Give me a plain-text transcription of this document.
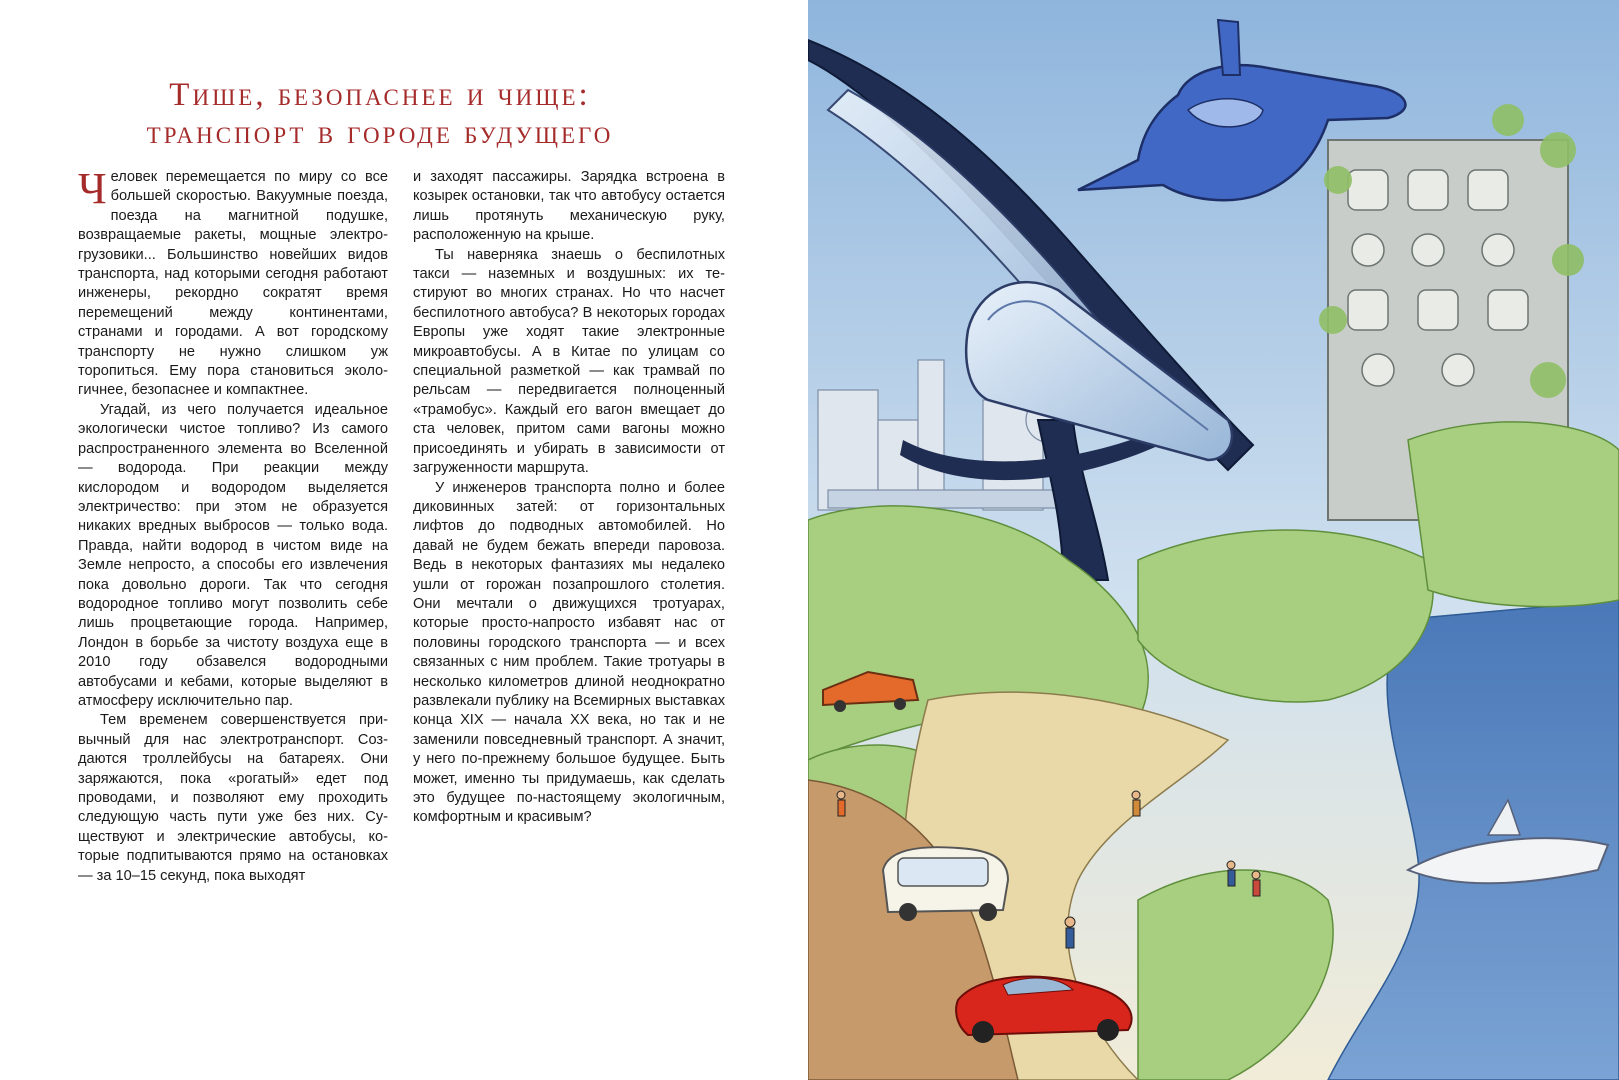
Тише, безопаснее и чище:
транспорт в городе будущего

Человек перемещается по миру со все большей скоростью. Вакуумные поезда, поезда на магнитной подушке, возвращаемые ракеты, мощные электрогрузовики... Большинство новейших видов транспорта, над которыми сегодня работают инженеры, рекордно сократят время перемещений между континентами, странами и городами. А вот городскому транспорту не нужно слишком уж торопиться. Ему пора становиться экологичнее, безопаснее и компактнее.

Угадай, из чего получается идеальное экологически чистое топливо? Из самого распространенного элемента во Вселенной — водорода. При реакции между кислородом и водородом выделяется электричество: при этом не образуется никаких вредных выбросов — только вода. Правда, найти водород в чистом виде на Земле непросто, а способы его извлечения пока довольно дороги. Так что сегодня водородное топливо могут позволить себе лишь процветающие города. Например, Лондон в борьбе за чистоту воздуха еще в 2010 году обзавелся водородными автобусами и кебами, которые выделяют в атмосферу исключительно пар.

Тем временем совершенствуется привычный для нас электротранспорт. Создаются троллейбусы на батареях. Они заряжаются, пока «рогатый» едет под проводами, и позволяют ему проходить следующую часть пути уже без них. Существуют и электрические автобусы, которые подпитываются прямо на остановках — за 10–15 секунд, пока выходят

и заходят пассажиры. Зарядка встроена в козырек остановки, так что автобусу остается лишь протянуть механическую руку, расположенную на крыше.

Ты наверняка знаешь о беспилотных такси — наземных и воздушных: их тестируют во многих странах. Но что насчет беспилотного автобуса? В некоторых городах Европы уже ходят такие электронные микроавтобусы. А в Китае по улицам со специальной разметкой — как трамвай по рельсам — передвигается полноценный «трамобус». Каждый его вагон вмещает до ста человек, притом сами вагоны можно присоединять и убирать в зависимости от загруженности маршрута.

У инженеров транспорта полно и более диковинных затей: от горизонтальных лифтов до подводных автомобилей. Но давай не будем бежать впереди паровоза. Ведь в некоторых фантазиях мы недалеко ушли от горожан позапрошлого столетия. Они мечтали о движущихся тротуарах, которые просто-напросто избавят нас от половины городского транспорта — и всех связанных с ним проблем. Такие тротуары в несколько километров длиной неоднократно развлекали публику на Всемирных выставках конца XIX — начала XX века, но так и не заменили повседневный транспорт. А значит, у него по-прежнему большое будущее. Быть может, именно ты придумаешь, как сделать это будущее по-настоящему экологичным, комфортным и красивым?
